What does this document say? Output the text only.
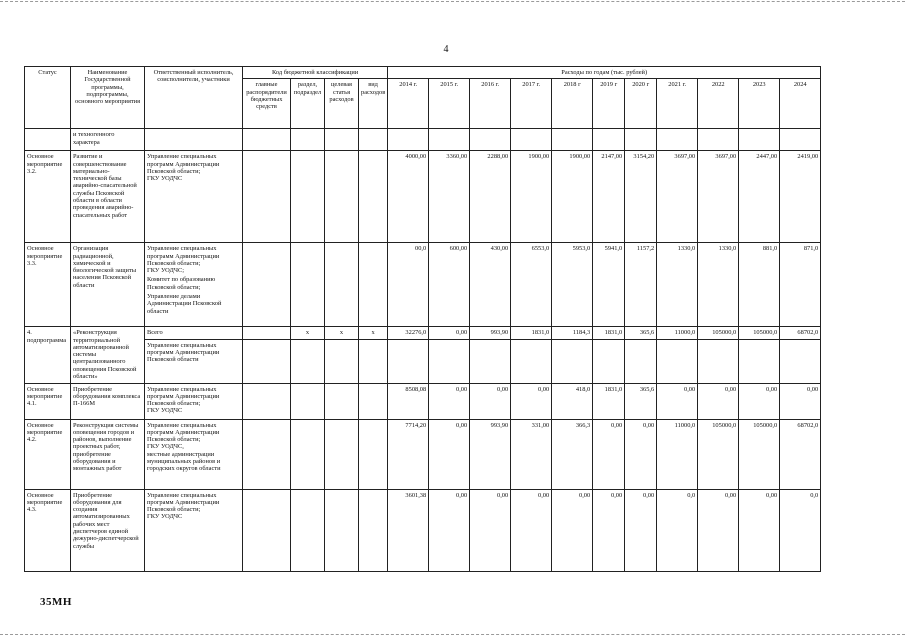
4
Статус	Наименование Государственной программы, подпрограммы, основного мероприятия	Ответственный исполнитель, соисполнители, участники	Код бюджетной классификации				Расходы по годам (тыс. рублей)										
			главные распорядители бюджетных средств	раздел, подраздел	целевая статья расходов	вид расходов	2014 г.	2015 г.	2016 г.	2017 г.	2018 г	2019 г	2020 г	2021 г.	2022	2023	2024
	и техногенного характера																
Основное мероприятие 3.2.	Развитие и совершенствование материально-технической базы аварийно-спасательной службы Псковской области в области проведения аварийно-спасательных работ	Управление специальных программ Администрации Псковской области;
ГКУ УОДЧС					4000,00	3360,00	2288,00	1900,00	1900,00	2147,00	3154,20	3697,00	3697,00	2447,00	2419,00
Основное мероприятие 3.3.	Организация радиационной, химической и биологической защиты населения Псковской области	Управление специальных программ Администрации Псковской области;
ГКУ УОДЧС;
Комитет по образованию Псковской области;
Управление делами Администрации Псковской области					00,0	600,00	430,00	6553,0	5953,0	5941,0	1157,2	1330,0	1330,0	881,0	871,0
4. подпрограмма	«Реконструкция территориальной автоматизированной системы централизованного оповещения Псковской области»	Всего		x	x	x	32276,0	0,00	993,90	1831,0	1184,3	1831,0	365,6	11000,0	105000,0	105000,0	68702,0

		Управление специальных программ Администрации Псковской области															

Основное мероприятие 4.1.	Приобретение оборудования комплекса П-166М	Управление специальных программ Администрации Псковской области;
ГКУ УОДЧС					8508,08	0,00	0,00	0,00	418,0	1831,0	365,6	0,00	0,00	0,00	0,00
Основное мероприятие 4.2.	Реконструкция системы оповещения городов и районов, выполнение проектных работ, приобретение оборудования и монтажных работ	Управление специальных программ Администрации Псковской области;
ГКУ УОДЧС,
местные администрации муниципальных районов и городских округов области					7714,20	0,00	993,90	331,00	366,3	0,00	0,00	11000,0	105000,0	105000,0	68702,0
Основное мероприятие 4.3.	Приобретение оборудования для создания автоматизированных рабочих мест диспетчеров единой дежурно-диспетчерской службы	Управление специальных программ Администрации Псковской области;
ГКУ УОДЧС					3601,38	0,00	0,00	0,00	0,00	0,00	0,00	0,0	0,00	0,00	0,0
35МН
